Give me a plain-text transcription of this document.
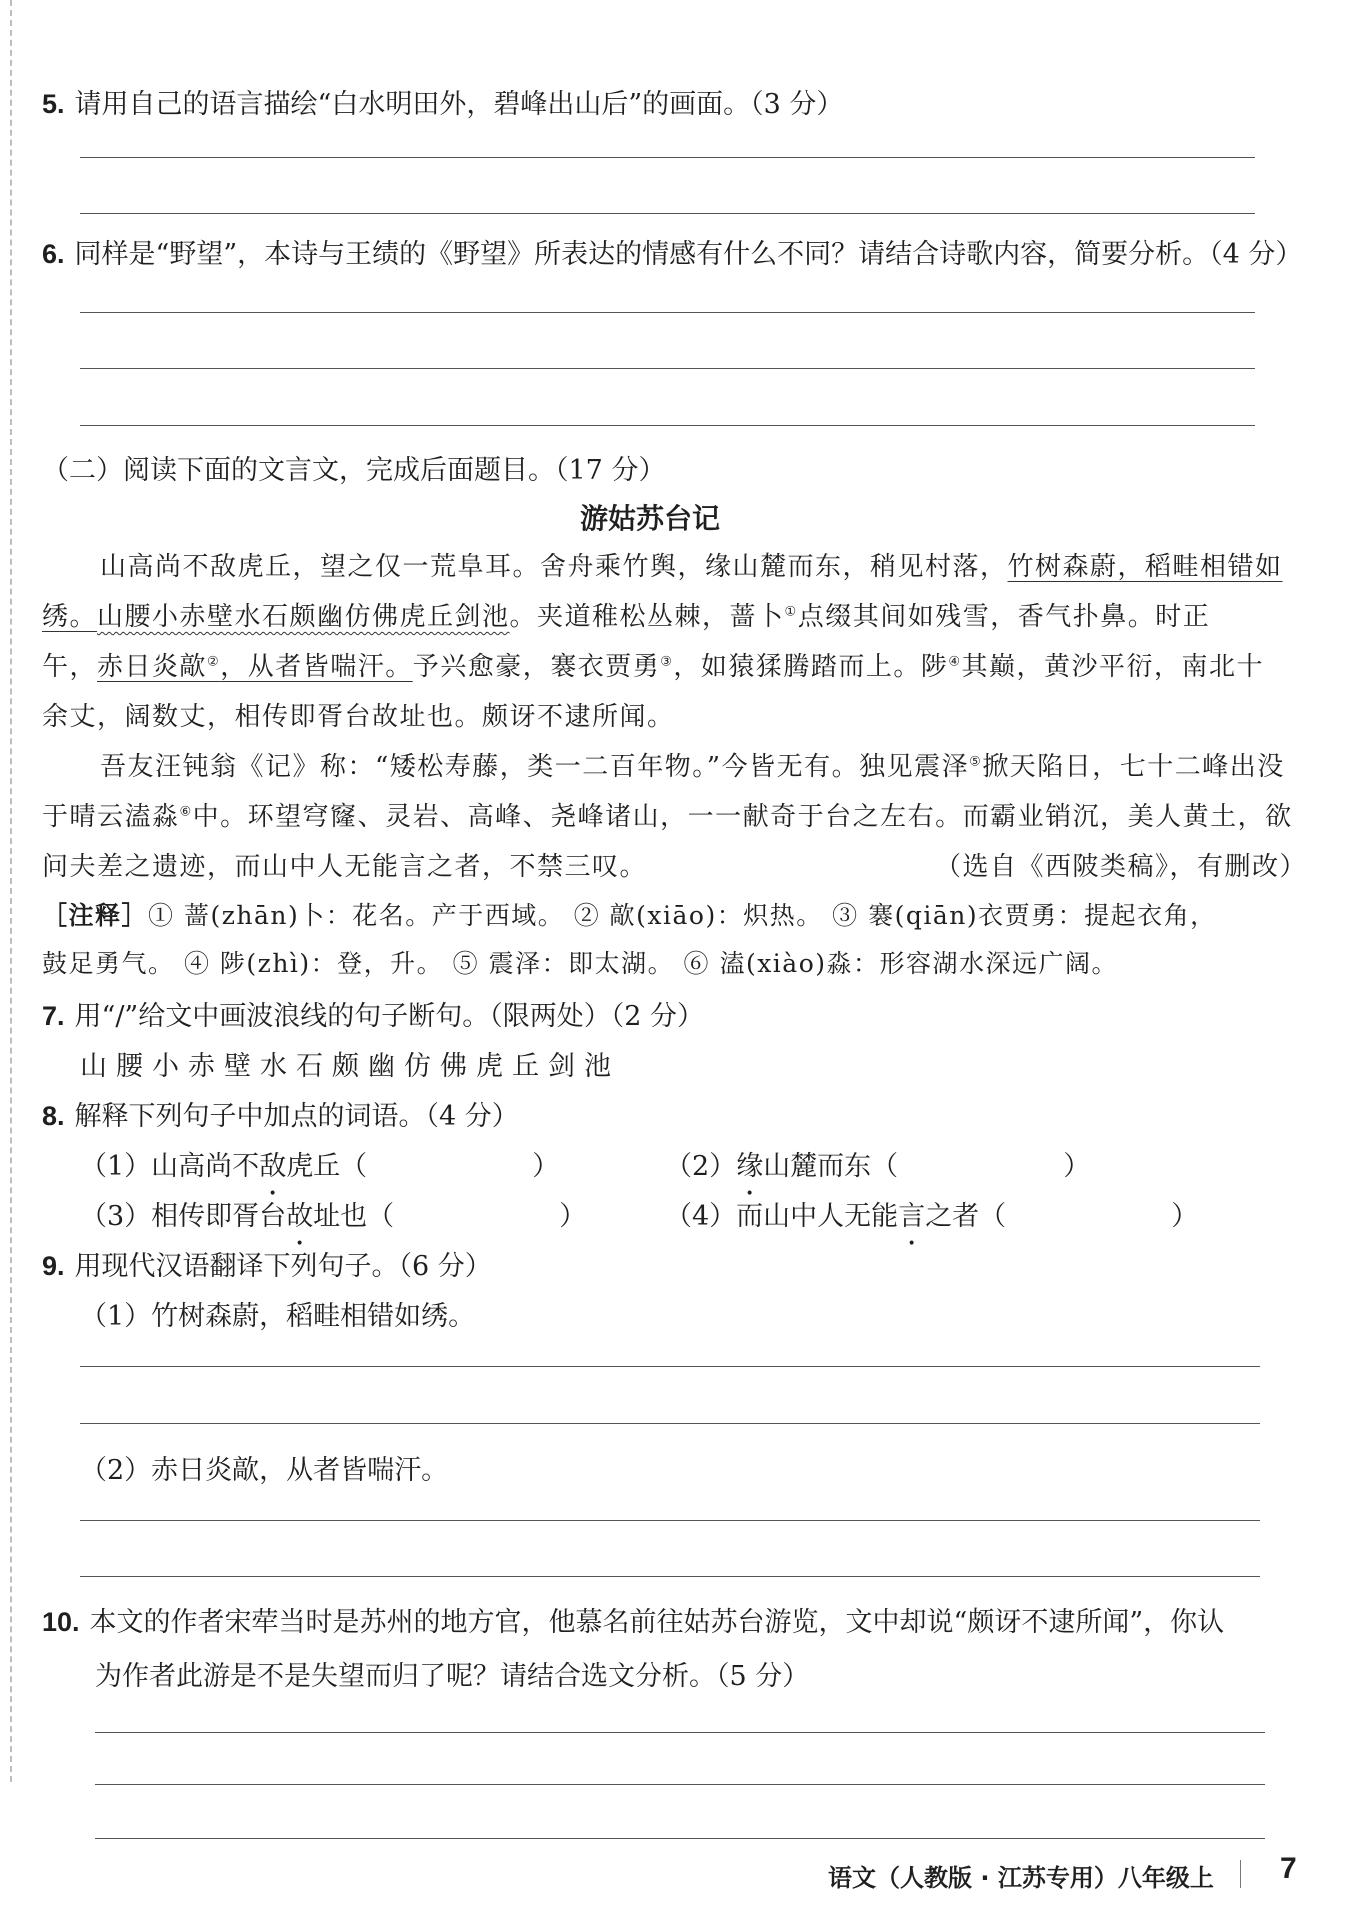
5. 请用自己的语言描绘“白水明田外，碧峰出山后”的画面。（3 分）
6. 同样是“野望”，本诗与王绩的《野望》所表达的情感有什么不同？请结合诗歌内容，简要分析。（4 分）
（二）阅读下面的文言文，完成后面题目。（17 分）
游姑苏台记
山高尚不敌虎丘，望之仅一荒阜耳。舍舟乘竹舆，缘山麓而东，稍见村落，竹树森蔚，稻畦相错如
绣。山腰小赤壁水石颇幽仿佛虎丘剑池。夹道稚松丛棘，蔷卜①点缀其间如残雪，香气扑鼻。时正
午，赤日炎歊②，从者皆喘汗。予兴愈豪，褰衣贾勇③，如猿猱腾踏而上。陟④其巅，黄沙平衍，南北十
余丈，阔数丈，相传即胥台故址也。颇讶不逮所闻。
吾友汪钝翁《记》称：“矮松寿藤，类一二百年物。”今皆无有。独见震泽⑤掀天陷日，七十二峰出没
于晴云溘淼⑥中。环望穹窿、灵岩、高峰、尧峰诸山，一一献奇于台之左右。而霸业销沉，美人黄土，欲
问夫差之遗迹，而山中人无能言之者，不禁三叹。	（选自《西陂类稿》，有删改）
［注释］① 蔷(zhān)卜：花名。产于西域。 ② 歊(xiāo)：炽热。 ③ 褰(qiān)衣贾勇：提起衣角，
鼓足勇气。 ④ 陟(zhì)：登，升。 ⑤ 震泽：即太湖。 ⑥ 溘(xiào)淼：形容湖水深远广阔。
7. 用“/”给文中画波浪线的句子断句。（限两处）（2 分）
山腰小赤壁水石颇幽仿佛虎丘剑池
8. 解释下列句子中加点的词语。（4 分）
（1）山高尚不敌虎丘（	）	（2）缘山麓而东（	）
（3）相传即胥台故址也（	）	（4）而山中人无能言之者（	）
9. 用现代汉语翻译下列句子。（6 分）
（1）竹树森蔚，稻畦相错如绣。
（2）赤日炎歊，从者皆喘汗。
10. 本文的作者宋荦当时是苏州的地方官，他慕名前往姑苏台游览，文中却说“颇讶不逮所闻”，你认
为作者此游是不是失望而归了呢？请结合选文分析。（5 分）
语文（人教版 · 江苏专用）八年级上 7
